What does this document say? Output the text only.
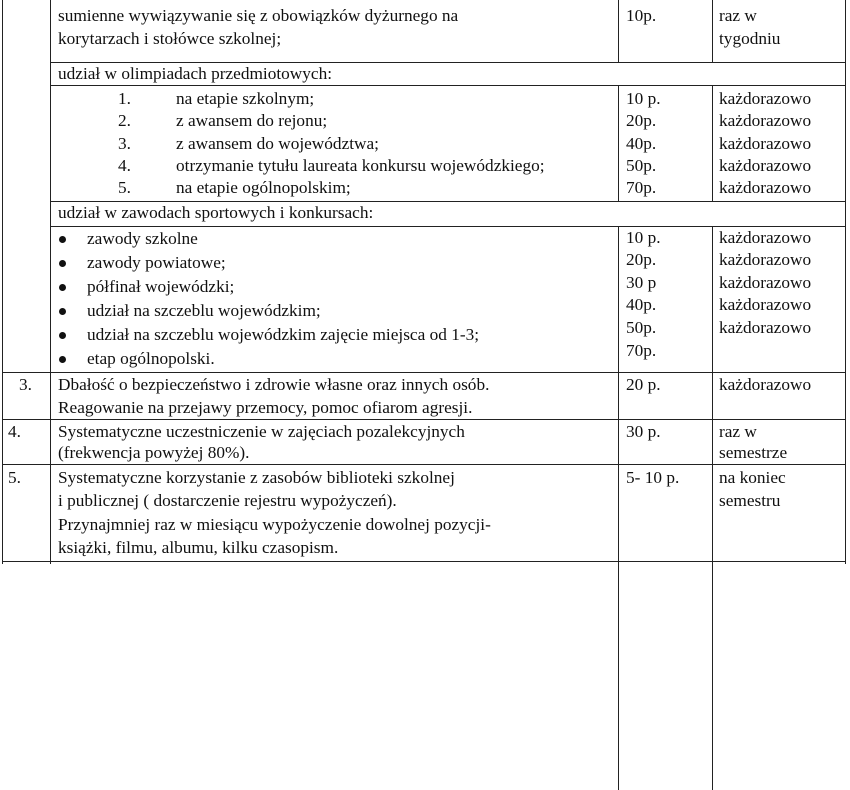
sumienne wywiązywanie się z obowiązków dyżurnego na
korytarzach i stołówce szkolnej;
10p.	raz w
tygodniu
udział w olimpiadach przedmiotowych:
1.	na etapie szkolnym;	10 p.	każdorazowo
2.	z awansem do rejonu;	20p.	każdorazowo
3.	z awansem do województwa;	40p.	każdorazowo
4.	otrzymanie tytułu laureata konkursu wojewódzkiego;	50p.	każdorazowo
5.	na etapie ogólnopolskim;	70p.	każdorazowo
udział w zawodach sportowych i konkursach:
zawody szkolne	10 p.	każdorazowo
zawody powiatowe;	20p.	każdorazowo
półfinał wojewódzki;	30 p	każdorazowo
udział na szczeblu wojewódzkim;	40p.	każdorazowo
udział na szczeblu wojewódzkim zajęcie miejsca od 1-3;	50p.	każdorazowo
etap ogólnopolski.	70p.
3. Dbałość o bezpieczeństwo i zdrowie własne oraz innych osób.
Reagowanie na przejawy przemocy, pomoc ofiarom agresji.
20 p.	każdorazowo
4. Systematyczne uczestniczenie w zajęciach pozalekcyjnych
(frekwencja powyżej 80%).
30 p.	raz w
semestrze
5. Systematyczne korzystanie z zasobów biblioteki szkolnej
i publicznej ( dostarczenie rejestru wypożyczeń).
Przynajmniej raz w miesiącu wypożyczenie dowolnej pozycji-
książki, filmu, albumu, kilku czasopism.
5- 10 p. na koniec
semestru
